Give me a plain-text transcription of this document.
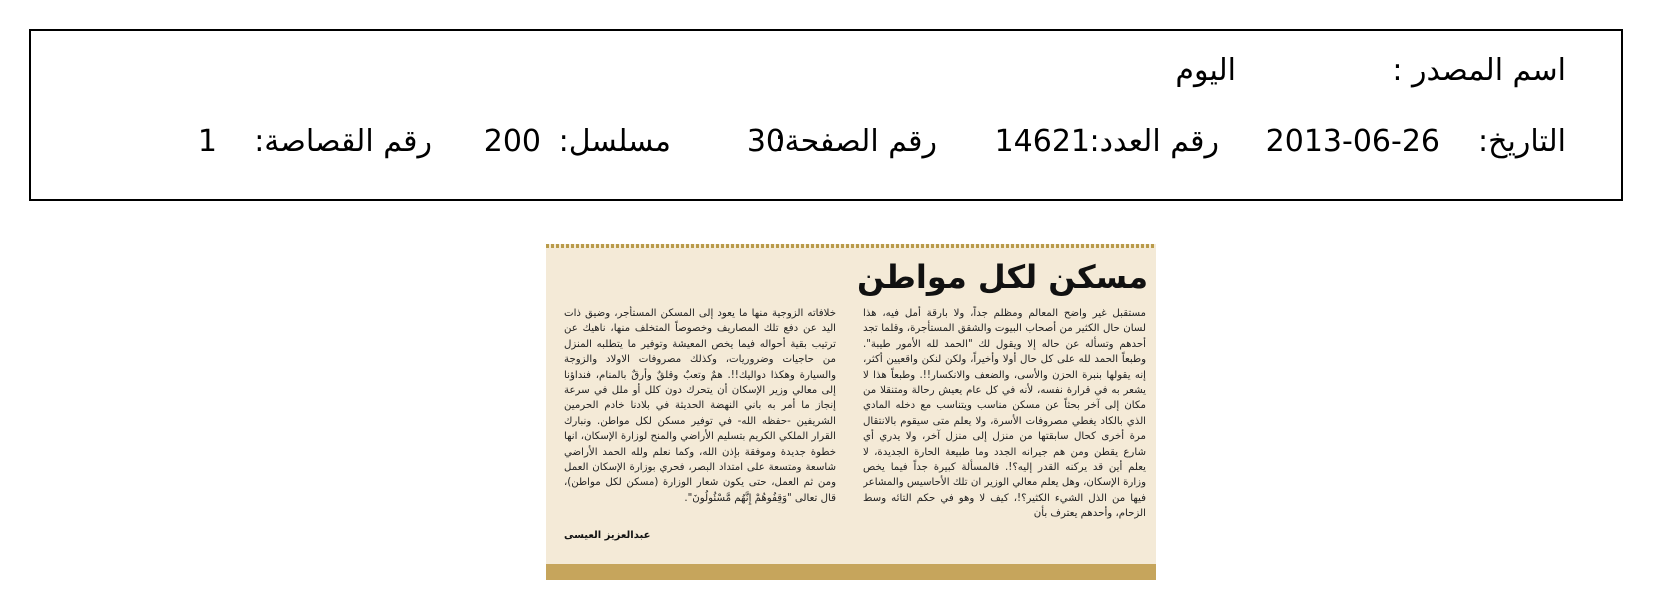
اسم المصدر :
اليوم
التاريخ:
2013-06-26
رقم العدد:
14621
رقم الصفحة:
30
مسلسل:
200
رقم القصاصة:
1
مسكن لكل مواطن
مستقبل غير واضح المعالم ومظلم جداً، ولا بارقة أمل فيه، هذا لسان حال الكثير من أصحاب البيوت والشقق المستأجرة، وقلما تجد أحدهم وتسأله عن حاله إلا ويقول لك "الحمد لله الأمور طيبة". وطبعاً الحمد لله على كل حال أولا وأخيراً، ولكن لنكن واقعيين أكثر، إنه يقولها بنبرة الحزن والأسى، والضعف والانكسار!!. وطبعاً هذا لا يشعر به في قرارة نفسه، لأنه في كل عام يعيش رحالة ومتنقلا من مكان إلى آخر بحثاً عن مسكن مناسب ويتناسب مع دخله المادي الذي بالكاد يغطي مصروفات الأسرة، ولا يعلم متى سيقوم بالانتقال مرة أخرى كحال سابقتها من منزل إلى منزل آخر، ولا يدري أي شارع يقطن ومن هم جيرانه الجدد وما طبيعة الحارة الجديدة، لا يعلم أين قد يركنه القدر إليه؟!. فالمسألة كبيرة جداً فيما يخص وزارة الإسكان، وهل يعلم معالي الوزير ان تلك الأحاسيس والمشاعر فيها من الذل الشيء الكثير؟!، كيف لا وهو في حكم التائه وسط الزحام، وأحدهم يعترف بأن
خلافاته الزوجية منها ما يعود إلى المسكن المستأجر، وضيق ذات اليد عن دفع تلك المصاريف وخصوصاً المتخلف منها، ناهيك عن ترتيب بقية أحواله فيما يخص المعيشة وتوفير ما يتطلبه المنزل من حاجيات وضروريات، وكذلك مصروفات الاولاد والزوجة والسيارة وهكذا دواليك!!. همٌ وتعبٌ وقلقٌ وأرقٌ بالمنام، فنداؤنا إلى معالي وزير الإسكان أن يتحرك دون كلل أو ملل في سرعة إنجاز ما أمر به باني النهضة الحديثة في بلادنا خادم الحرمين الشريفين -حفظه الله- في توفير مسكن لكل مواطن. ونبارك القرار الملكي الكريم بتسليم الأراضي والمنح لوزارة الإسكان، انها خطوة جديدة وموفقة بإذن الله، وكما نعلم ولله الحمد الأراضي شاسعة ومتسعة على امتداد البصر، فحري بوزارة الإسكان العمل ومن ثم العمل، حتى يكون شعار الوزارة (مسكن لكل مواطن)، قال تعالى "وَقِفُوهُمْ إِنَّهُم مَّسْئُولُونَ".
عبدالعزيز العيسى
